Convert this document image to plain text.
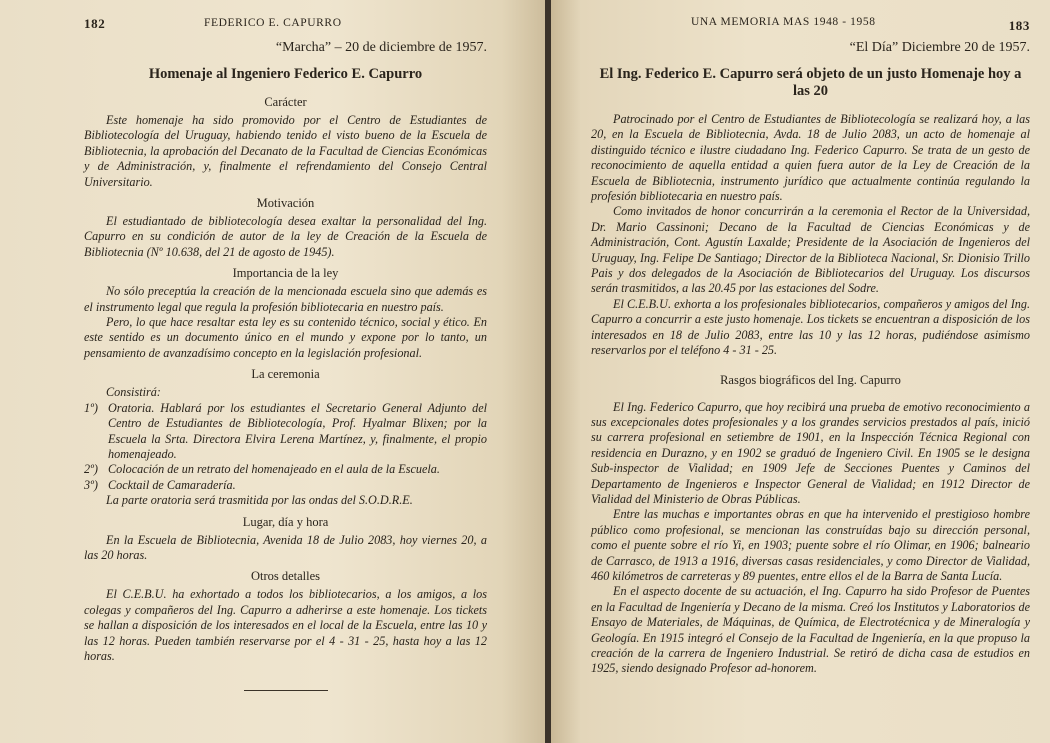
182	FEDERICO E. CAPURRO
“Marcha” – 20 de diciembre de 1957.
Homenaje al Ingeniero Federico E. Capurro
Carácter

Este homenaje ha sido promovido por el Centro de Estudiantes de Bibliotecología del Uruguay, habiendo tenido el visto bueno de la Escuela de Bibliotecnia, la aprobación del Decanato de la Facultad de Ciencias Económicas y de Administración, y, finalmente el refrendamiento del Consejo Central Universitario.

Motivación

El estudiantado de bibliotecología desea exaltar la personalidad del Ing. Capurro en su condición de autor de la ley de Creación de la Escuela de Bibliotecnia (Nº 10.638, del 21 de agosto de 1945).

Importancia de la ley

No sólo preceptúa la creación de la mencionada escuela sino que además es el instrumento legal que regula la profesión bibliotecaria en nuestro país.

Pero, lo que hace resaltar esta ley es su contenido técnico, social y ético. En este sentido es un documento único en el mundo y expone por lo tanto, un pensamiento de avanzadísimo concepto en la legislación profesional.

La ceremonia

Consistirá:

1º) Oratoria. Hablará por los estudiantes el Secretario General Adjunto del Centro de Estudiantes de Bibliotecología, Prof. Hyalmar Blixen; por la Escuela la Srta. Directora Elvira Lerena Martínez, y, finalmente, el propio homenajeado.
2º) Colocación de un retrato del homenajeado en el aula de la Escuela.
3º) Cocktail de Camaradería.

La parte oratoria será trasmitida por las ondas del S.O.D.R.E.

Lugar, día y hora

En la Escuela de Bibliotecnia, Avenida 18 de Julio 2083, hoy viernes 20, a las 20 horas.

Otros detalles

El C.E.B.U. ha exhortado a todos los bibliotecarios, a los amigos, a los colegas y compañeros del Ing. Capurro a adherirse a este homenaje. Los tickets se hallan a disposición de los interesados en el local de la Escuela, entre las 10 y las 12 horas. Pueden también reservarse por el 4 - 31 - 25, hasta hoy a las 12 horas.

UNA MEMORIA MAS 1948 - 1958	183
“El Día” Diciembre 20 de 1957.
El Ing. Federico E. Capurro será objeto de un justo Homenaje hoy a las 20

Patrocinado por el Centro de Estudiantes de Bibliotecología se realizará hoy, a las 20, en la Escuela de Bibliotecnia, Avda. 18 de Julio 2083, un acto de homenaje al distinguido técnico e ilustre ciudadano Ing. Federico Capurro. Se trata de un gesto de reconocimiento de aquella entidad a quien fuera autor de la Ley de Creación de la Escuela de Bibliotecnia, instrumento jurídico que actualmente continúa regulando la profesión bibliotecaria en nuestro país.

Como invitados de honor concurrirán a la ceremonia el Rector de la Universidad, Dr. Mario Cassinoni; Decano de la Facultad de Ciencias Económicas y de Administración, Cont. Agustín Laxalde; Presidente de la Asociación de Ingenieros del Uruguay, Ing. Felipe De Santiago; Director de la Biblioteca Nacional, Sr. Dionisio Trillo Pais y dos delegados de la Asociación de Bibliotecarios del Uruguay. Los discursos serán trasmitidos, a las 20.45 por las estaciones del Sodre.

El C.E.B.U. exhorta a los profesionales bibliotecarios, compañeros y amigos del Ing. Capurro a concurrir a este justo homenaje. Los tickets se encuentran a disposición de los interesados en 18 de Julio 2083, entre las 10 y las 12 horas, pudiéndose asimismo reservarlos por el teléfono 4 - 31 - 25.

Rasgos biográficos del Ing. Capurro

El Ing. Federico Capurro, que hoy recibirá una prueba de emotivo reconocimiento a sus excepcionales dotes profesionales y a los grandes servicios prestados al país, inició su carrera profesional en setiembre de 1901, en la Inspección Técnica Regional con residencia en Durazno, y en 1902 se graduó de Ingeniero Civil. En 1905 se le designa Sub-inspector de Vialidad; en 1909 Jefe de Secciones Puentes y Caminos del Departamento de Ingenieros e Inspector General de Vialidad; en 1912 Director de Vialidad del Ministerio de Obras Públicas.

Entre las muchas e importantes obras en que ha intervenido el prestigioso hombre público como profesional, se mencionan las construídas bajo su dirección personal, como el puente sobre el río Yi, en 1903; puente sobre el río Olimar, en 1906; balneario de Carrasco, de 1913 a 1916, diversas casas residenciales, y como Director de Vialidad, 460 kilómetros de carreteras y 89 puentes, entre ellos el de la Barra de Santa Lucía.

En el aspecto docente de su actuación, el Ing. Capurro ha sido Profesor de Puentes en la Facultad de Ingeniería y Decano de la misma. Creó los Institutos y Laboratorios de Ensayo de Materiales, de Máquinas, de Química, de Electrotécnica y de Mineralogía y Geología. En 1915 integró el Consejo de la Facultad de Ingeniería, en la que propuso la creación de la carrera de Ingeniero Industrial. Se retiró de dicha casa de estudios en 1925, siendo designado Profesor ad-honorem.
